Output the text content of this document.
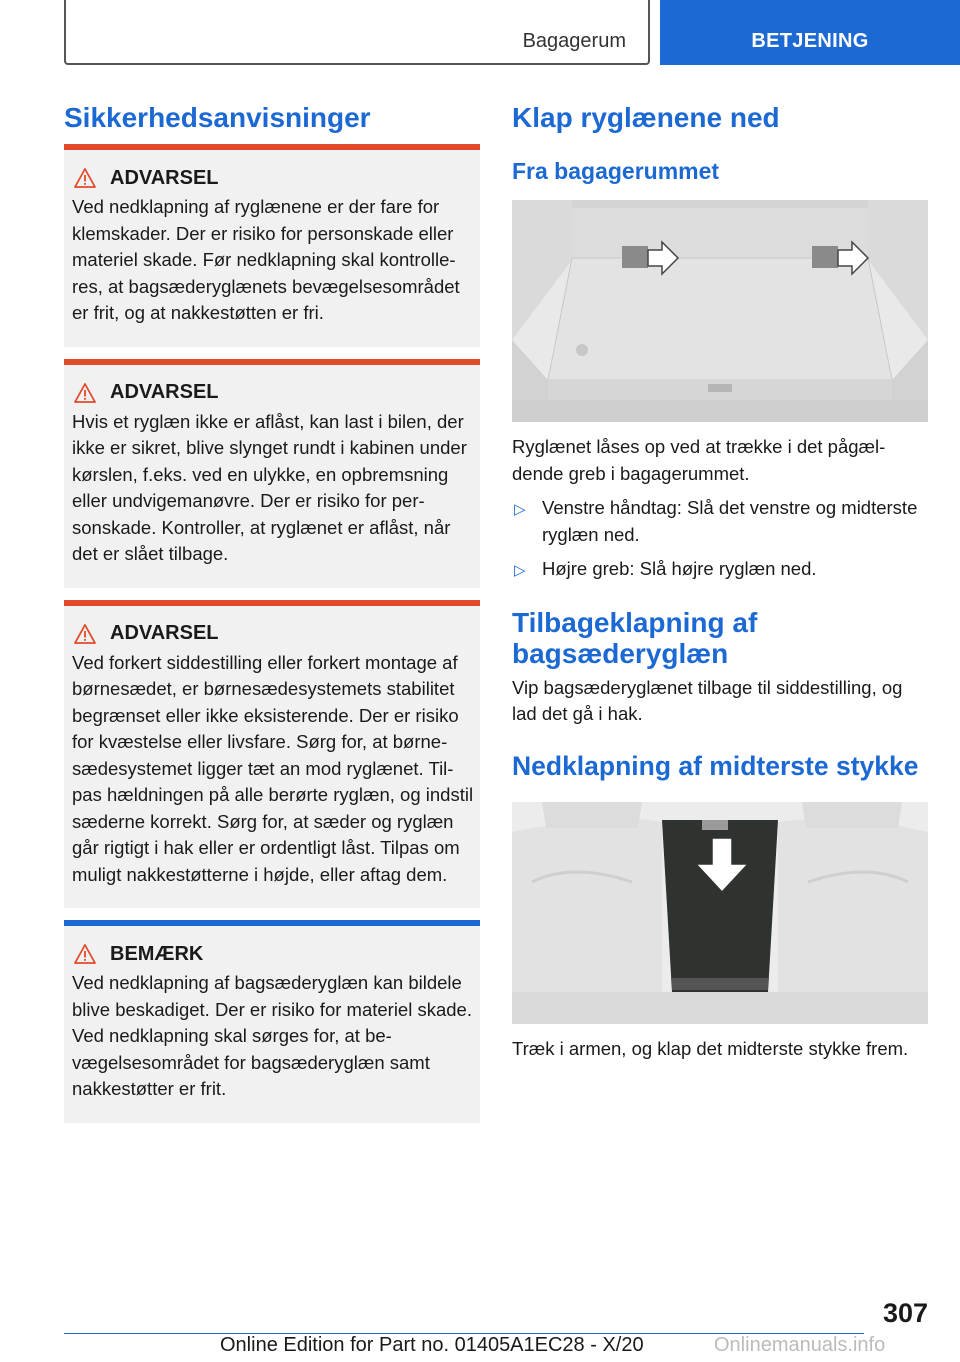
Bagagerum	BETJENING
Sikkerhedsanvisninger
ADVARSEL
Ved nedklapning af ryglænene er der fare for klemskader. Der er risiko for personskade eller materiel skade. Før nedklapning skal kontrolleres, at bagsæderyglænets bevægelsesområdet er frit, og at nakkestøtten er fri.
ADVARSEL
Hvis et ryglæn ikke er aflåst, kan last i bilen, der ikke er sikret, blive slynget rundt i kabinen under kørslen, f.eks. ved en ulykke, en opbremsning eller undvigemanøvre. Der er risiko for personskade. Kontroller, at ryglænet er aflåst, når det er slået tilbage.
ADVARSEL
Ved forkert siddestilling eller forkert montage af børnesædet, er børnesædesystemets stabilitet begrænset eller ikke eksisterende. Der er risiko for kvæstelse eller livsfare. Sørg for, at børnesædesystemet ligger tæt an mod ryglænet. Tilpas hældningen på alle berørte ryglæn, og indstil sæderne korrekt. Sørg for, at sæder og ryglæn går rigtigt i hak eller er ordentligt låst. Tilpas om muligt nakkestøtterne i højde, eller aftag dem.
BEMÆRK
Ved nedklapning af bagsæderyglæn kan bildele blive beskadiget. Der er risiko for materiel skade. Ved nedklapning skal sørges for, at bevægelsesområdet for bagsæderyglæn samt nakkestøtter er frit.
Klap ryglænene ned
Fra bagagerummet
Ryglænet låses op ved at trække i det pågældende greb i bagagerummet.
▷ Venstre håndtag: Slå det venstre og midterste ryglæn ned.
▷ Højre greb: Slå højre ryglæn ned.
Tilbageklapning af bagsæderyglæn
Vip bagsæderyglænet tilbage til siddestilling, og lad det gå i hak.
Nedklapning af midterste stykke
Træk i armen, og klap det midterste stykke frem.
307
Online Edition for Part no. 01405A1EC28 - X/20	Onlinemanuals.info
